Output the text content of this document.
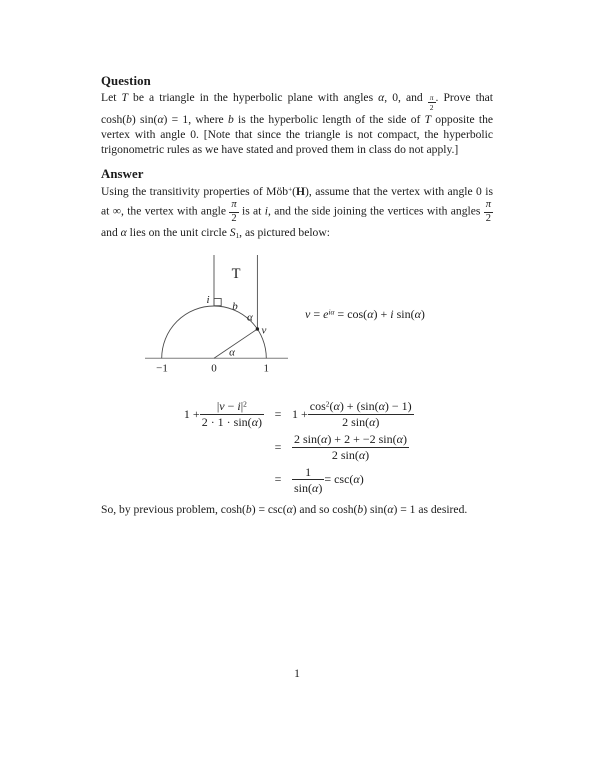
Question
Let T be a triangle in the hyperbolic plane with angles α, 0, and $\frac{\pi}{2}$ . Prove that cosh(b) sin(α) = 1, where b is the hyperbolic length of the side of T opposite the vertex with angle 0. [Note that since the triangle is not compact, the hyperbolic trigonometric rules as we have stated and proved them in class do not apply.]
Answer
Using the transitivity properties of Möb+(H), assume that the vertex with angle 0 is at ∞, the vertex with angle $\frac{\pi}{2}$ is at i, and the side joining the vertices with angles $\frac{\pi}{2}$
and α lies on the unit circle $S_1$, as pictured below:
T
i
b
α
v
α
−1	0	1
$v = e^{i\alpha} = \cos(\alpha) + i$ sin(α)
$1 + \frac{|v - i|^2}{2 \cdot 1 \cdot \sin(\alpha)} = 1 + \frac{\cos^2(\alpha) + (\sin(\alpha) - 1)}{2 \sin(\alpha)}$
= $\frac{2 \sin(\alpha) + 2 + -2 \sin(\alpha)}{2 \sin(\alpha)}$
= $\frac{1}{\sin(\alpha)} = \csc$( α )
So, by previous problem, cosh(b) = csc(α) and so cosh(b) sin(α) = 1 as desired.
1
